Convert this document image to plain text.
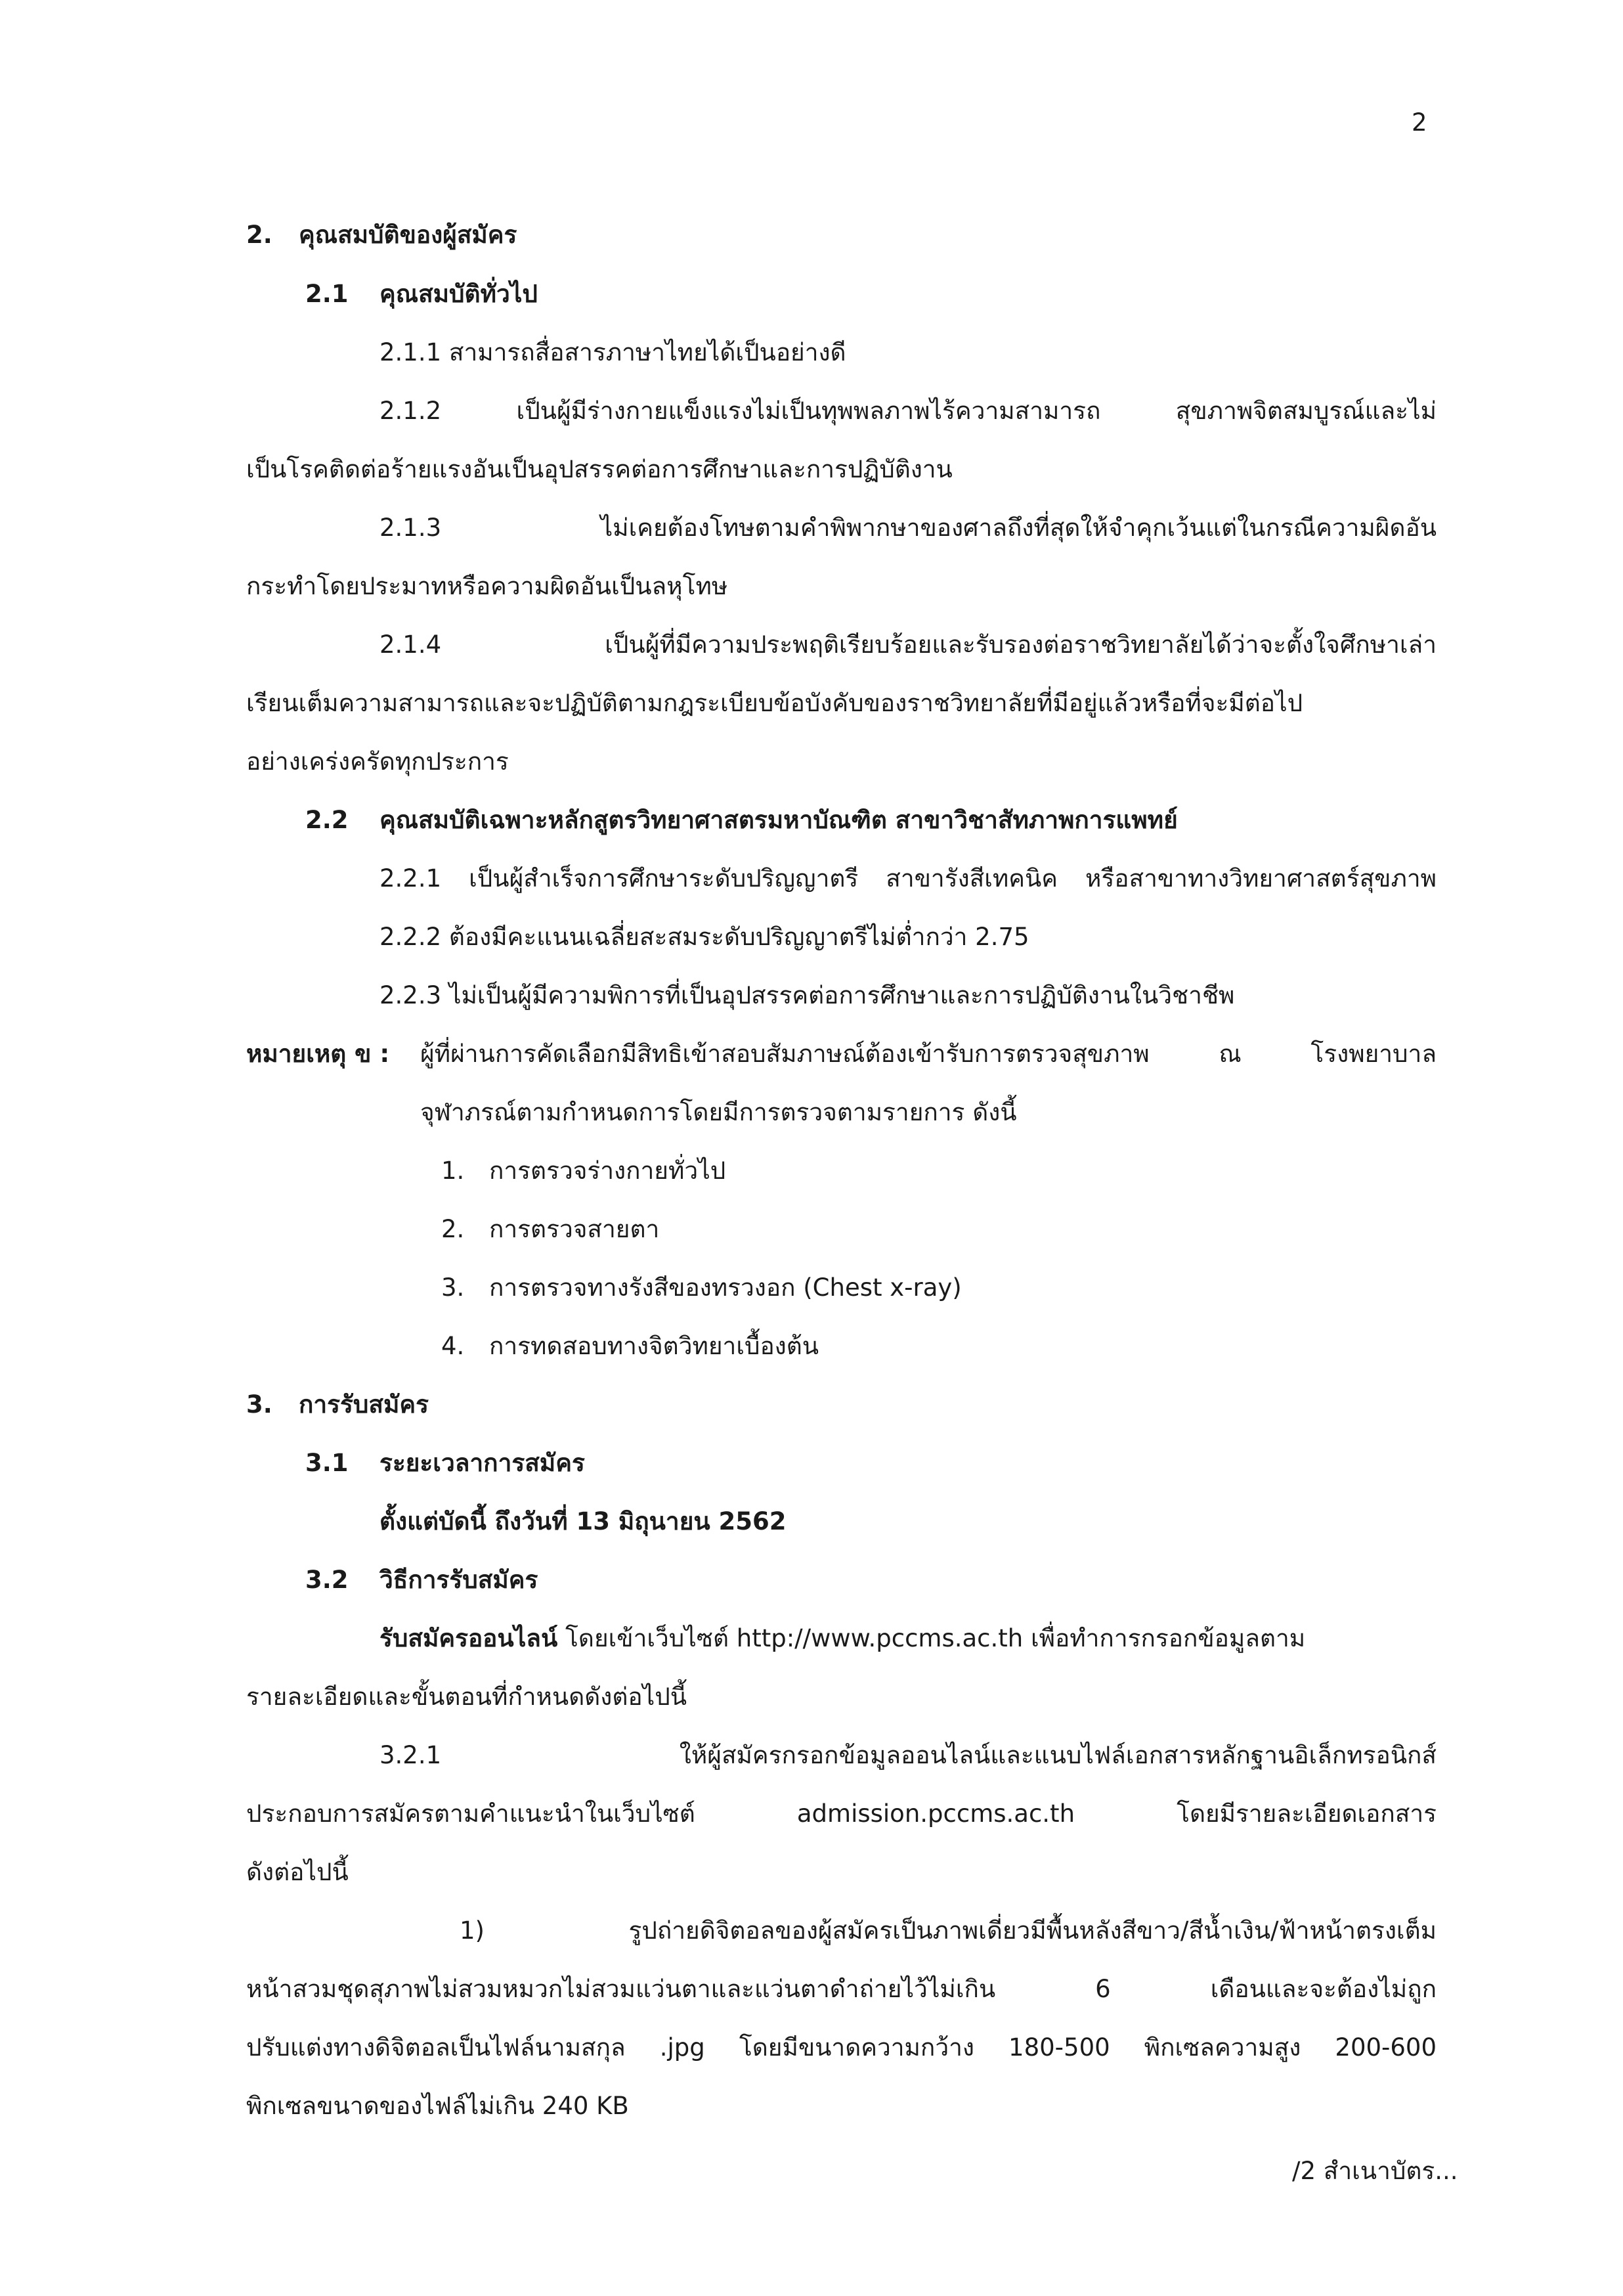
2
2. คุณสมบัติของผู้สมัคร
2.1 คุณสมบัติทั่วไป
2.1.1 สามารถสื่อสารภาษาไทยได้เป็นอย่างดี
2.1.2 เป็นผู้มีร่างกายแข็งแรงไม่เป็นทุพพลภาพไร้ความสามารถ สุขภาพจิตสมบูรณ์และไม่
เป็นโรคติดต่อร้ายแรงอันเป็นอุปสรรคต่อการศึกษาและการปฏิบัติงาน
2.1.3 ไม่เคยต้องโทษตามคำพิพากษาของศาลถึงที่สุดให้จำคุกเว้นแต่ในกรณีความผิดอัน
กระทำโดยประมาทหรือความผิดอันเป็นลหุโทษ
2.1.4 เป็นผู้ที่มีความประพฤติเรียบร้อยและรับรองต่อราชวิทยาลัยได้ว่าจะตั้งใจศึกษาเล่า
เรียนเต็มความสามารถและจะปฏิบัติตามกฎระเบียบข้อบังคับของราชวิทยาลัยที่มีอยู่แล้วหรือที่จะมีต่อไป
อย่างเคร่งครัดทุกประการ
2.2 คุณสมบัติเฉพาะหลักสูตรวิทยาศาสตรมหาบัณฑิต สาขาวิชาสัทภาพการแพทย์
2.2.1 เป็นผู้สำเร็จการศึกษาระดับปริญญาตรี สาขารังสีเทคนิค หรือสาขาทางวิทยาศาสตร์สุขภาพ
2.2.2 ต้องมีคะแนนเฉลี่ยสะสมระดับปริญญาตรีไม่ต่ำกว่า 2.75
2.2.3 ไม่เป็นผู้มีความพิการที่เป็นอุปสรรคต่อการศึกษาและการปฏิบัติงานในวิชาชีพ
หมายเหตุ ข : ผู้ที่ผ่านการคัดเลือกมีสิทธิเข้าสอบสัมภาษณ์ต้องเข้ารับการตรวจสุขภาพ ณ โรงพยาบาล
จุฬาภรณ์ตามกำหนดการโดยมีการตรวจตามรายการ ดังนี้
1. การตรวจร่างกายทั่วไป
2. การตรวจสายตา
3. การตรวจทางรังสีของทรวงอก (Chest x-ray)
4. การทดสอบทางจิตวิทยาเบื้องต้น
3. การรับสมัคร
3.1 ระยะเวลาการสมัคร
ตั้งแต่บัดนี้ ถึงวันที่ 13 มิถุนายน 2562
3.2 วิธีการรับสมัคร
รับสมัครออนไลน์ โดยเข้าเว็บไซต์ http://www.pccms.ac.th เพื่อทำการกรอกข้อมูลตาม
รายละเอียดและขั้นตอนที่กำหนดดังต่อไปนี้
3.2.1 ให้ผู้สมัครกรอกข้อมูลออนไลน์และแนบไฟล์เอกสารหลักฐานอิเล็กทรอนิกส์
ประกอบการสมัครตามคำแนะนำในเว็บไซต์ admission.pccms.ac.th โดยมีรายละเอียดเอกสาร
ดังต่อไปนี้
1) รูปถ่ายดิจิตอลของผู้สมัครเป็นภาพเดี่ยวมีพื้นหลังสีขาว/สีน้ำเงิน/ฟ้าหน้าตรงเต็ม
หน้าสวมชุดสุภาพไม่สวมหมวกไม่สวมแว่นตาและแว่นตาดำถ่ายไว้ไม่เกิน 6 เดือนและจะต้องไม่ถูก
ปรับแต่งทางดิจิตอลเป็นไฟล์นามสกุล .jpg โดยมีขนาดความกว้าง 180-500 พิกเซลความสูง 200-600
พิกเซลขนาดของไฟล์ไม่เกิน 240 KB
/2 สำเนาบัตร...
